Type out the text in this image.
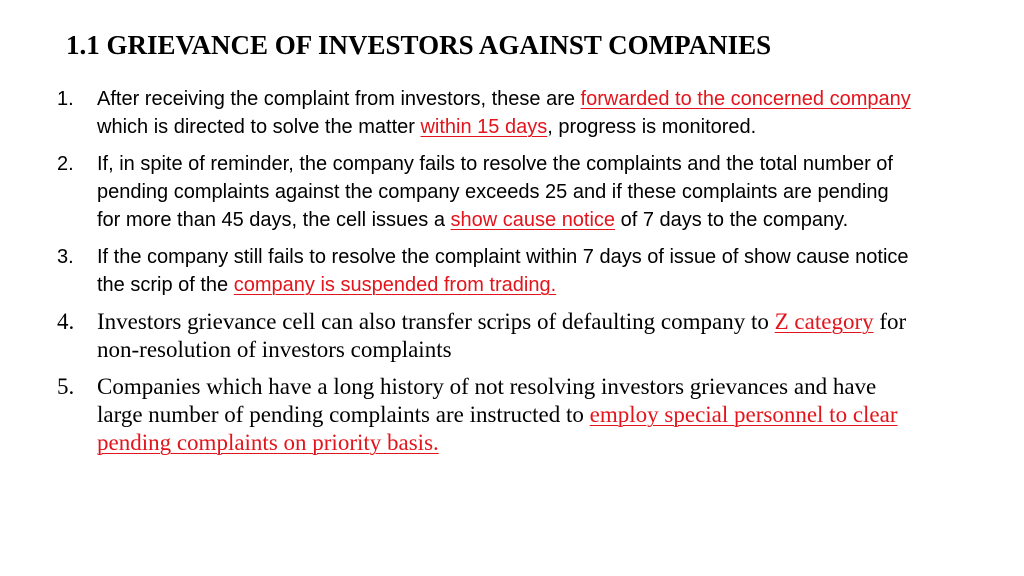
1.1 GRIEVANCE OF INVESTORS AGAINST COMPANIES
1.	After receiving the complaint from investors, these are forwarded to the concerned company which is directed to solve the matter within 15 days, progress is monitored.
2.	If, in spite of reminder, the company fails to resolve the complaints and the total number of pending complaints against the company exceeds 25 and if these complaints are pending for more than 45 days, the cell issues a show cause notice of 7 days to the company.
3.	If the company still fails to resolve the complaint within 7 days of issue of show cause notice the scrip of the company is suspended from trading.
4. Investors grievance cell can also transfer scrips of defaulting company to Z category for non-resolution of investors complaints
5. Companies which have a long history of not resolving investors grievances and have large number of pending complaints are instructed to employ special personnel to clear pending complaints on priority basis.
